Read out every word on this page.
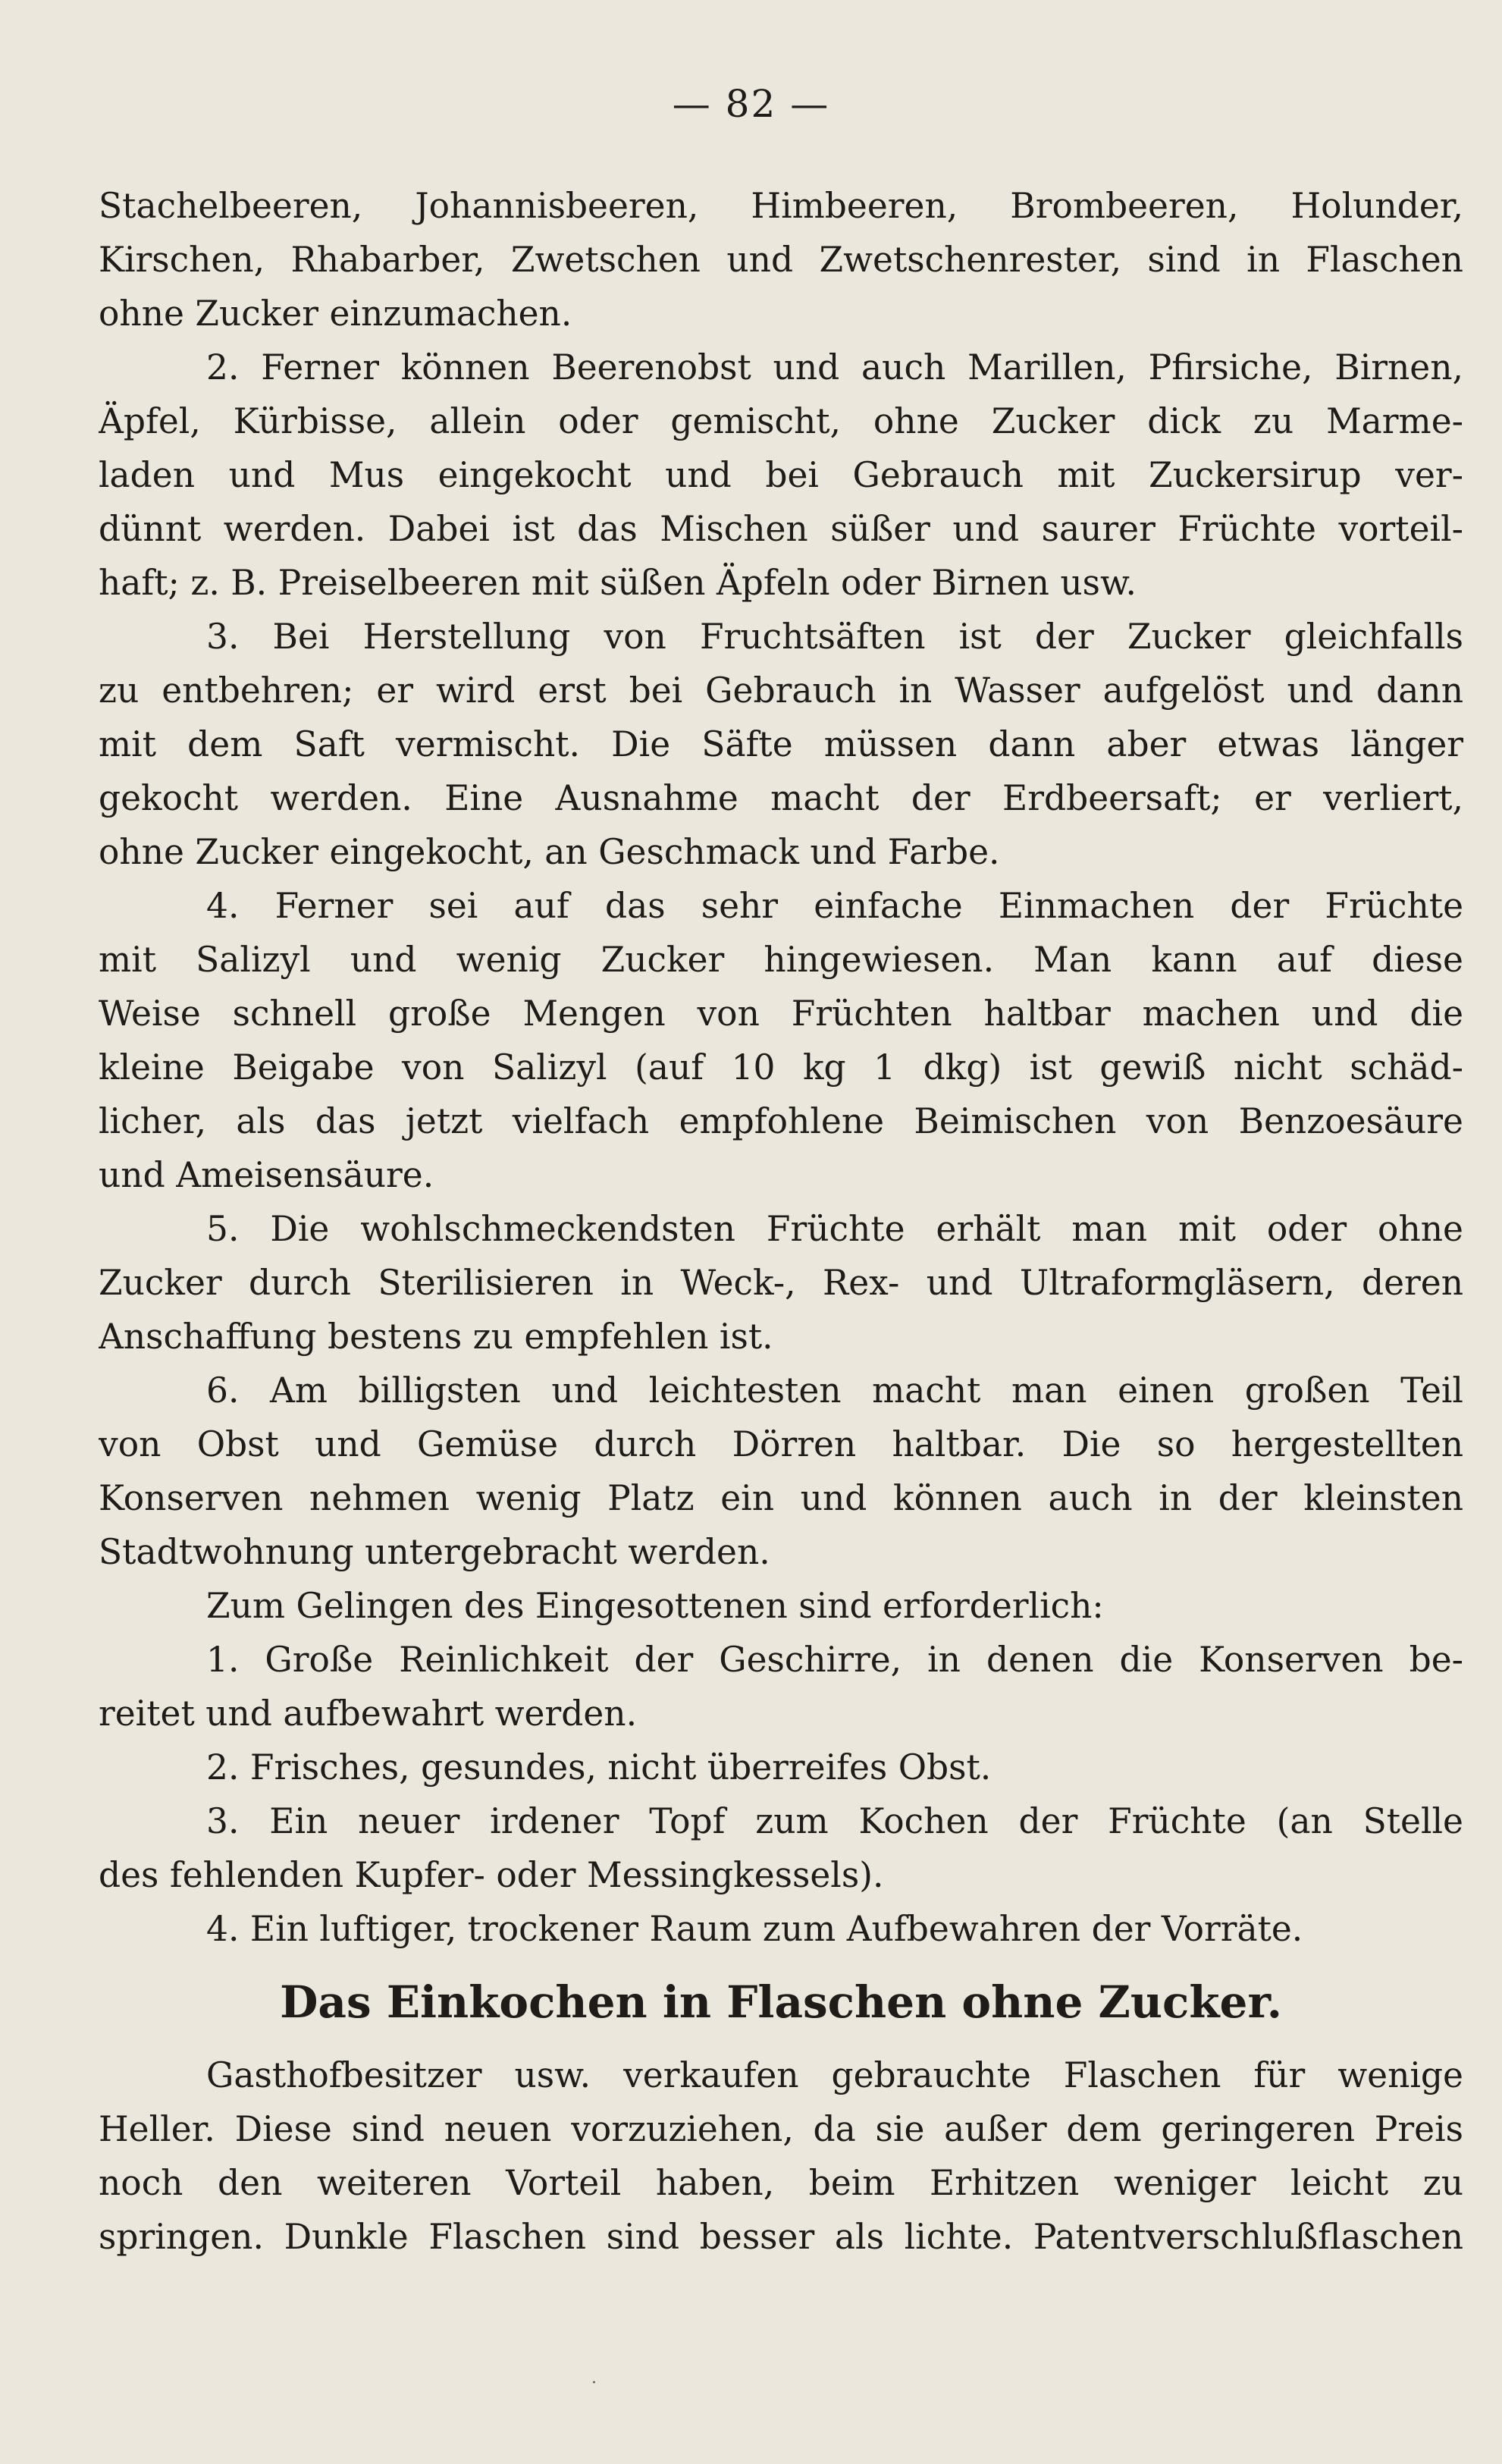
— 82 —
Stachelbeeren, Johannisbeeren, Himbeeren, Brombeeren, Holunder,
Kirschen, Rhabarber, Zwetschen und Zwetschenrester, sind in Flaschen
ohne Zucker einzumachen.
2. Ferner können Beerenobst und auch Marillen, Pfirsiche, Birnen,
Äpfel, Kürbisse, allein oder gemischt, ohne Zucker dick zu Marme-
laden und Mus eingekocht und bei Gebrauch mit Zuckersirup ver-
dünnt werden. Dabei ist das Mischen süßer und saurer Früchte vorteil-
haft; z. B. Preiselbeeren mit süßen Äpfeln oder Birnen usw.
3. Bei Herstellung von Fruchtsäften ist der Zucker gleichfalls
zu entbehren; er wird erst bei Gebrauch in Wasser aufgelöst und dann
mit dem Saft vermischt. Die Säfte müssen dann aber etwas länger
gekocht werden. Eine Ausnahme macht der Erdbeersaft; er verliert,
ohne Zucker eingekocht, an Geschmack und Farbe.
4. Ferner sei auf das sehr einfache Einmachen der Früchte
mit Salizyl und wenig Zucker hingewiesen. Man kann auf diese
Weise schnell große Mengen von Früchten haltbar machen und die
kleine Beigabe von Salizyl (auf 10 kg 1 dkg) ist gewiß nicht schäd-
licher, als das jetzt vielfach empfohlene Beimischen von Benzoesäure
und Ameisensäure.
5. Die wohlschmeckendsten Früchte erhält man mit oder ohne
Zucker durch Sterilisieren in Weck-, Rex- und Ultraformgläsern, deren
Anschaffung bestens zu empfehlen ist.
6. Am billigsten und leichtesten macht man einen großen Teil
von Obst und Gemüse durch Dörren haltbar. Die so hergestellten
Konserven nehmen wenig Platz ein und können auch in der kleinsten
Stadtwohnung untergebracht werden.
Zum Gelingen des Eingesottenen sind erforderlich:
1. Große Reinlichkeit der Geschirre, in denen die Konserven be-
reitet und aufbewahrt werden.
2. Frisches, gesundes, nicht überreifes Obst.
3. Ein neuer irdener Topf zum Kochen der Früchte (an Stelle
des fehlenden Kupfer- oder Messingkessels).
4. Ein luftiger, trockener Raum zum Aufbewahren der Vorräte.
Das Einkochen in Flaschen ohne Zucker.
Gasthofbesitzer usw. verkaufen gebrauchte Flaschen für wenige
Heller. Diese sind neuen vorzuziehen, da sie außer dem geringeren Preis
noch den weiteren Vorteil haben, beim Erhitzen weniger leicht zu
springen. Dunkle Flaschen sind besser als lichte. Patentverschlußflaschen
·
